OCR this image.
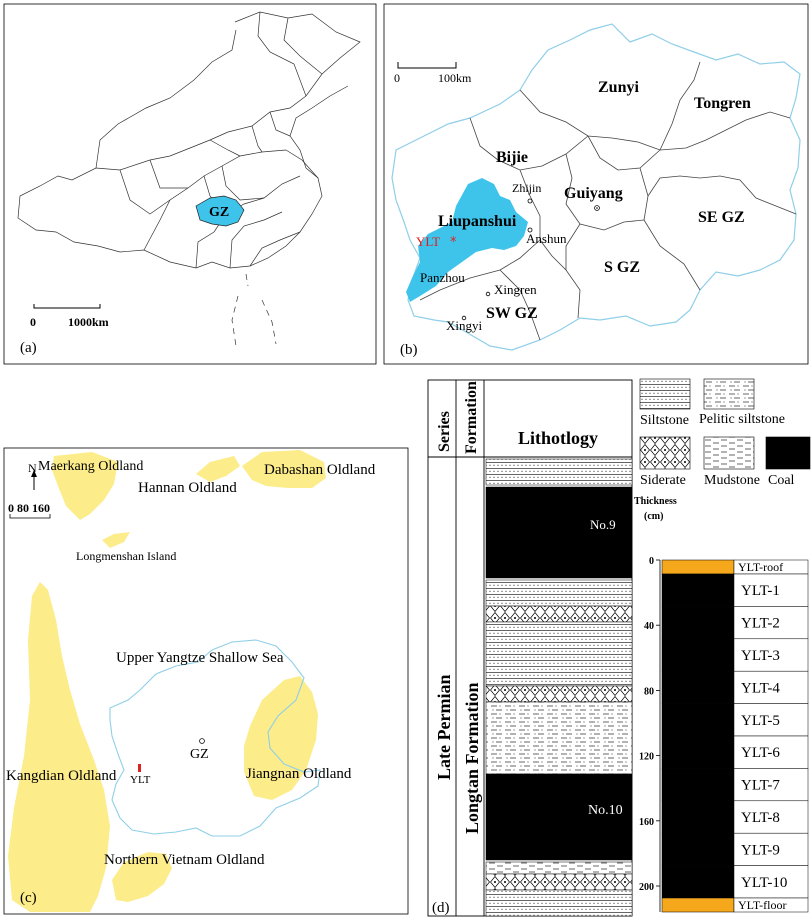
GZ
0	1000km
(a)
0	100km
Zunyi
Tongren
Bijie
Guiyang
Liupanshui	SE GZ
S GZ
SW GZ
Zhijin
Anshun
Panzhou
Xingren
Xingyi
YLT *
(b)
N
0 80 160
Maerkang Oldland
Hannan Oldland
Dabashan Oldland
Longmenshan Island
Upper Yangtze Shallow Sea
GZ
YLT
Kangdian Oldland	Jiangnan Oldland
Northern Vietnam Oldland
(c)
Series Formation Lithotlogy
Late Permian Longtan Formation
No.9
No.10
Siltstone Pelitic siltstone
Siderate Mudstone Coal
Thickness
(cm)
YLT-roof
YLT-1
YLT-2
YLT-3
YLT-4
YLT-5
YLT-6
YLT-7
YLT-8
YLT-9
YLT-10
YLT-floor
0
40
80
120
160
200
(d)
